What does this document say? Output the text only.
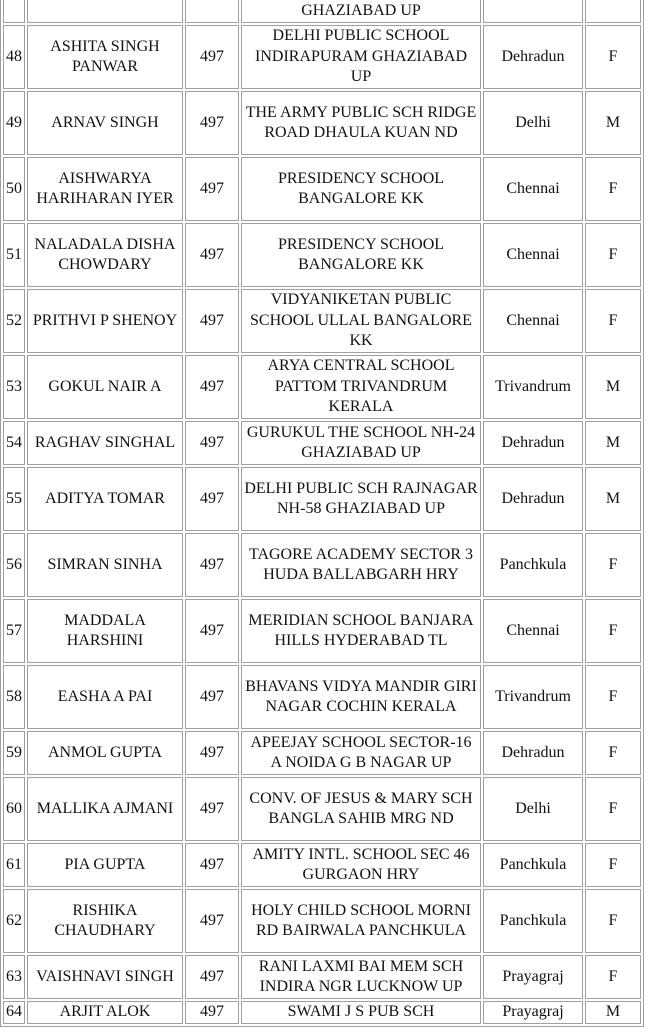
			GHAZIABAD UP		
48	ASHITA SINGH PANWAR	497	DELHI PUBLIC SCHOOL INDIRAPURAM GHAZIABAD UP	Dehradun	F
49	ARNAV SINGH	497	THE ARMY PUBLIC SCH RIDGE ROAD DHAULA KUAN ND	Delhi	M
50	AISHWARYA HARIHARAN IYER	497	PRESIDENCY SCHOOL BANGALORE KK	Chennai	F
51	NALADALA DISHA CHOWDARY	497	PRESIDENCY SCHOOL BANGALORE KK	Chennai	F
52	PRITHVI P SHENOY	497	VIDYANIKETAN PUBLIC SCHOOL ULLAL BANGALORE KK	Chennai	F
53	GOKUL NAIR A	497	ARYA CENTRAL SCHOOL PATTOM TRIVANDRUM KERALA	Trivandrum	M
54	RAGHAV SINGHAL	497	GURUKUL THE SCHOOL NH-24 GHAZIABAD UP	Dehradun	M
55	ADITYA TOMAR	497	DELHI PUBLIC SCH RAJNAGAR NH-58 GHAZIABAD UP	Dehradun	M
56	SIMRAN SINHA	497	TAGORE ACADEMY SECTOR 3 HUDA BALLABGARH HRY	Panchkula	F
57	MADDALA HARSHINI	497	MERIDIAN SCHOOL BANJARA HILLS HYDERABAD TL	Chennai	F
58	EASHA A PAI	497	BHAVANS VIDYA MANDIR GIRI NAGAR COCHIN KERALA	Trivandrum	F
59	ANMOL GUPTA	497	APEEJAY SCHOOL SECTOR-16 A NOIDA G B NAGAR UP	Dehradun	F
60	MALLIKA AJMANI	497	CONV. OF JESUS & MARY SCH BANGLA SAHIB MRG ND	Delhi	F
61	PIA GUPTA	497	AMITY INTL. SCHOOL SEC 46 GURGAON HRY	Panchkula	F
62	RISHIKA CHAUDHARY	497	HOLY CHILD SCHOOL MORNI RD BAIRWALA PANCHKULA	Panchkula	F
63	VAISHNAVI SINGH	497	RANI LAXMI BAI MEM SCH INDIRA NGR LUCKNOW UP	Prayagraj	F
64	ARJIT ALOK	497	SWAMI J S PUB SCH	Prayagraj	M
